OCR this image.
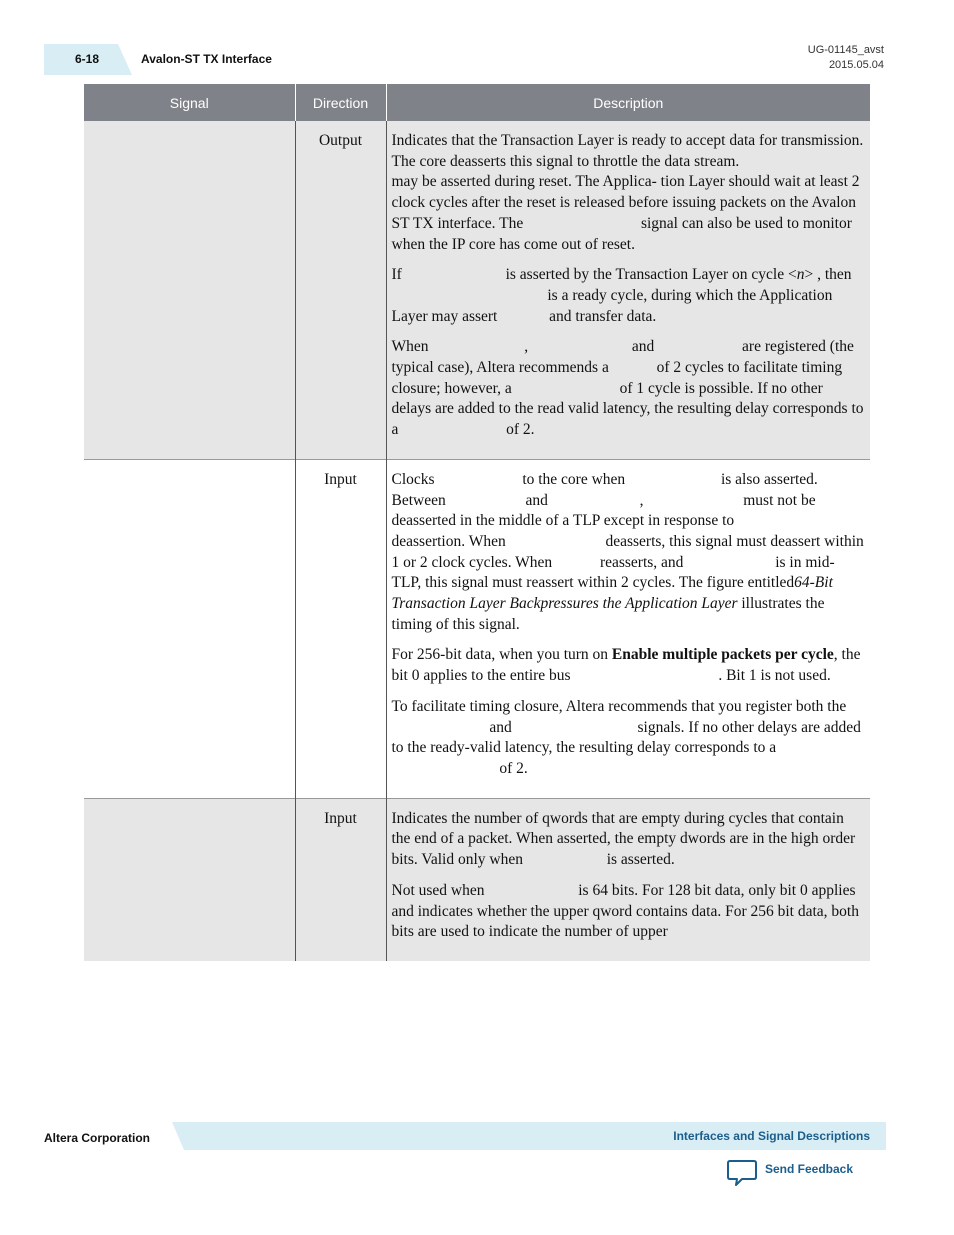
6-18	Avalon-ST TX Interface
UG-01145_avst
2015.05.04
Signal	Direction	Description
	Output	Indicates that the Transaction Layer is ready to accept data for transmission. The core deasserts this signal to throttle the data stream.  may be asserted during reset. The Applica- tion Layer should wait at least 2 clock cycles after the reset is released before issuing packets on the Avalon ST TX interface. The signal can also be used to monitor when the IP core has come out of reset.

If is asserted by the Transaction Layer on cycle <n> , then  is a ready cycle, during which the Application Layer may assert and transfer data.

When , and are registered (the typical case), Altera recommends a of 2 cycles to facilitate timing closure; however, a of 1 cycle is possible. If no other delays are added to the read valid latency, the resulting delay corresponds to a of 2.

	Input	Clocks to the core when is also asserted. Between and , must not be deasserted in the middle of a TLP except in response to  deassertion. When deasserts, this signal must deassert within 1 or 2 clock cycles. When reasserts, and is in mid-TLP, this signal must reassert within 2 cycles. The figure entitled64-Bit Transaction Layer Backpressures the Application Layer illustrates the timing of this signal.

For 256-bit data, when you turn on Enable multiple packets per cycle, the bit 0 applies to the entire bus . Bit 1 is not used.

To facilitate timing closure, Altera recommends that you register both the  and signals. If no other delays are added to the ready-valid latency, the resulting delay corresponds to a  of 2.

	Input	Indicates the number of qwords that are empty during cycles that contain the end of a packet. When asserted, the empty dwords are in the high order bits. Valid only when is asserted.

Not used when is 64 bits. For 128 bit data, only bit 0 applies and indicates whether the upper qword contains data. For 256 bit data, both bits are used to indicate the number of upper

Altera Corporation	Interfaces and Signal Descriptions
Send Feedback
